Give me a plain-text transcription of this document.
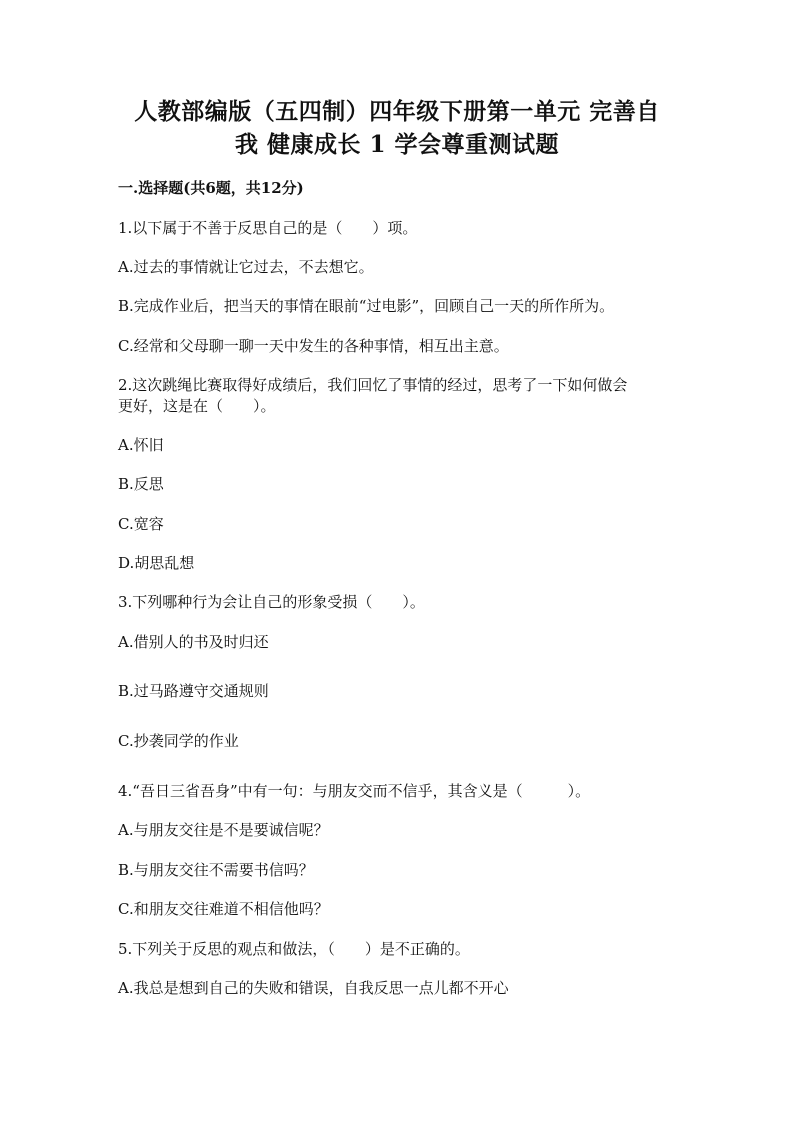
人教部编版（五四制）四年级下册第一单元 完善自
我 健康成长 1 学会尊重测试题
一.选择题(共6题，共12分)
1.以下属于不善于反思自己的是（　　）项。
A.过去的事情就让它过去，不去想它。
B.完成作业后，把当天的事情在眼前“过电影”，回顾自己一天的所作所为。
C.经常和父母聊一聊一天中发生的各种事情，相互出主意。
2.这次跳绳比赛取得好成绩后，我们回忆了事情的经过，思考了一下如何做会
更好，这是在（　　）。
A.怀旧
B.反思
C.宽容
D.胡思乱想
3.下列哪种行为会让自己的形象受损（　　）。
A.借别人的书及时归还
B.过马路遵守交通规则
C.抄袭同学的作业
4.“吾日三省吾身”中有一句：与朋友交而不信乎，其含义是（　　　）。
A.与朋友交往是不是要诚信呢？
B.与朋友交往不需要书信吗？
C.和朋友交往难道不相信他吗？
5.下列关于反思的观点和做法，（　　）是不正确的。
A.我总是想到自己的失败和错误，自我反思一点儿都不开心
